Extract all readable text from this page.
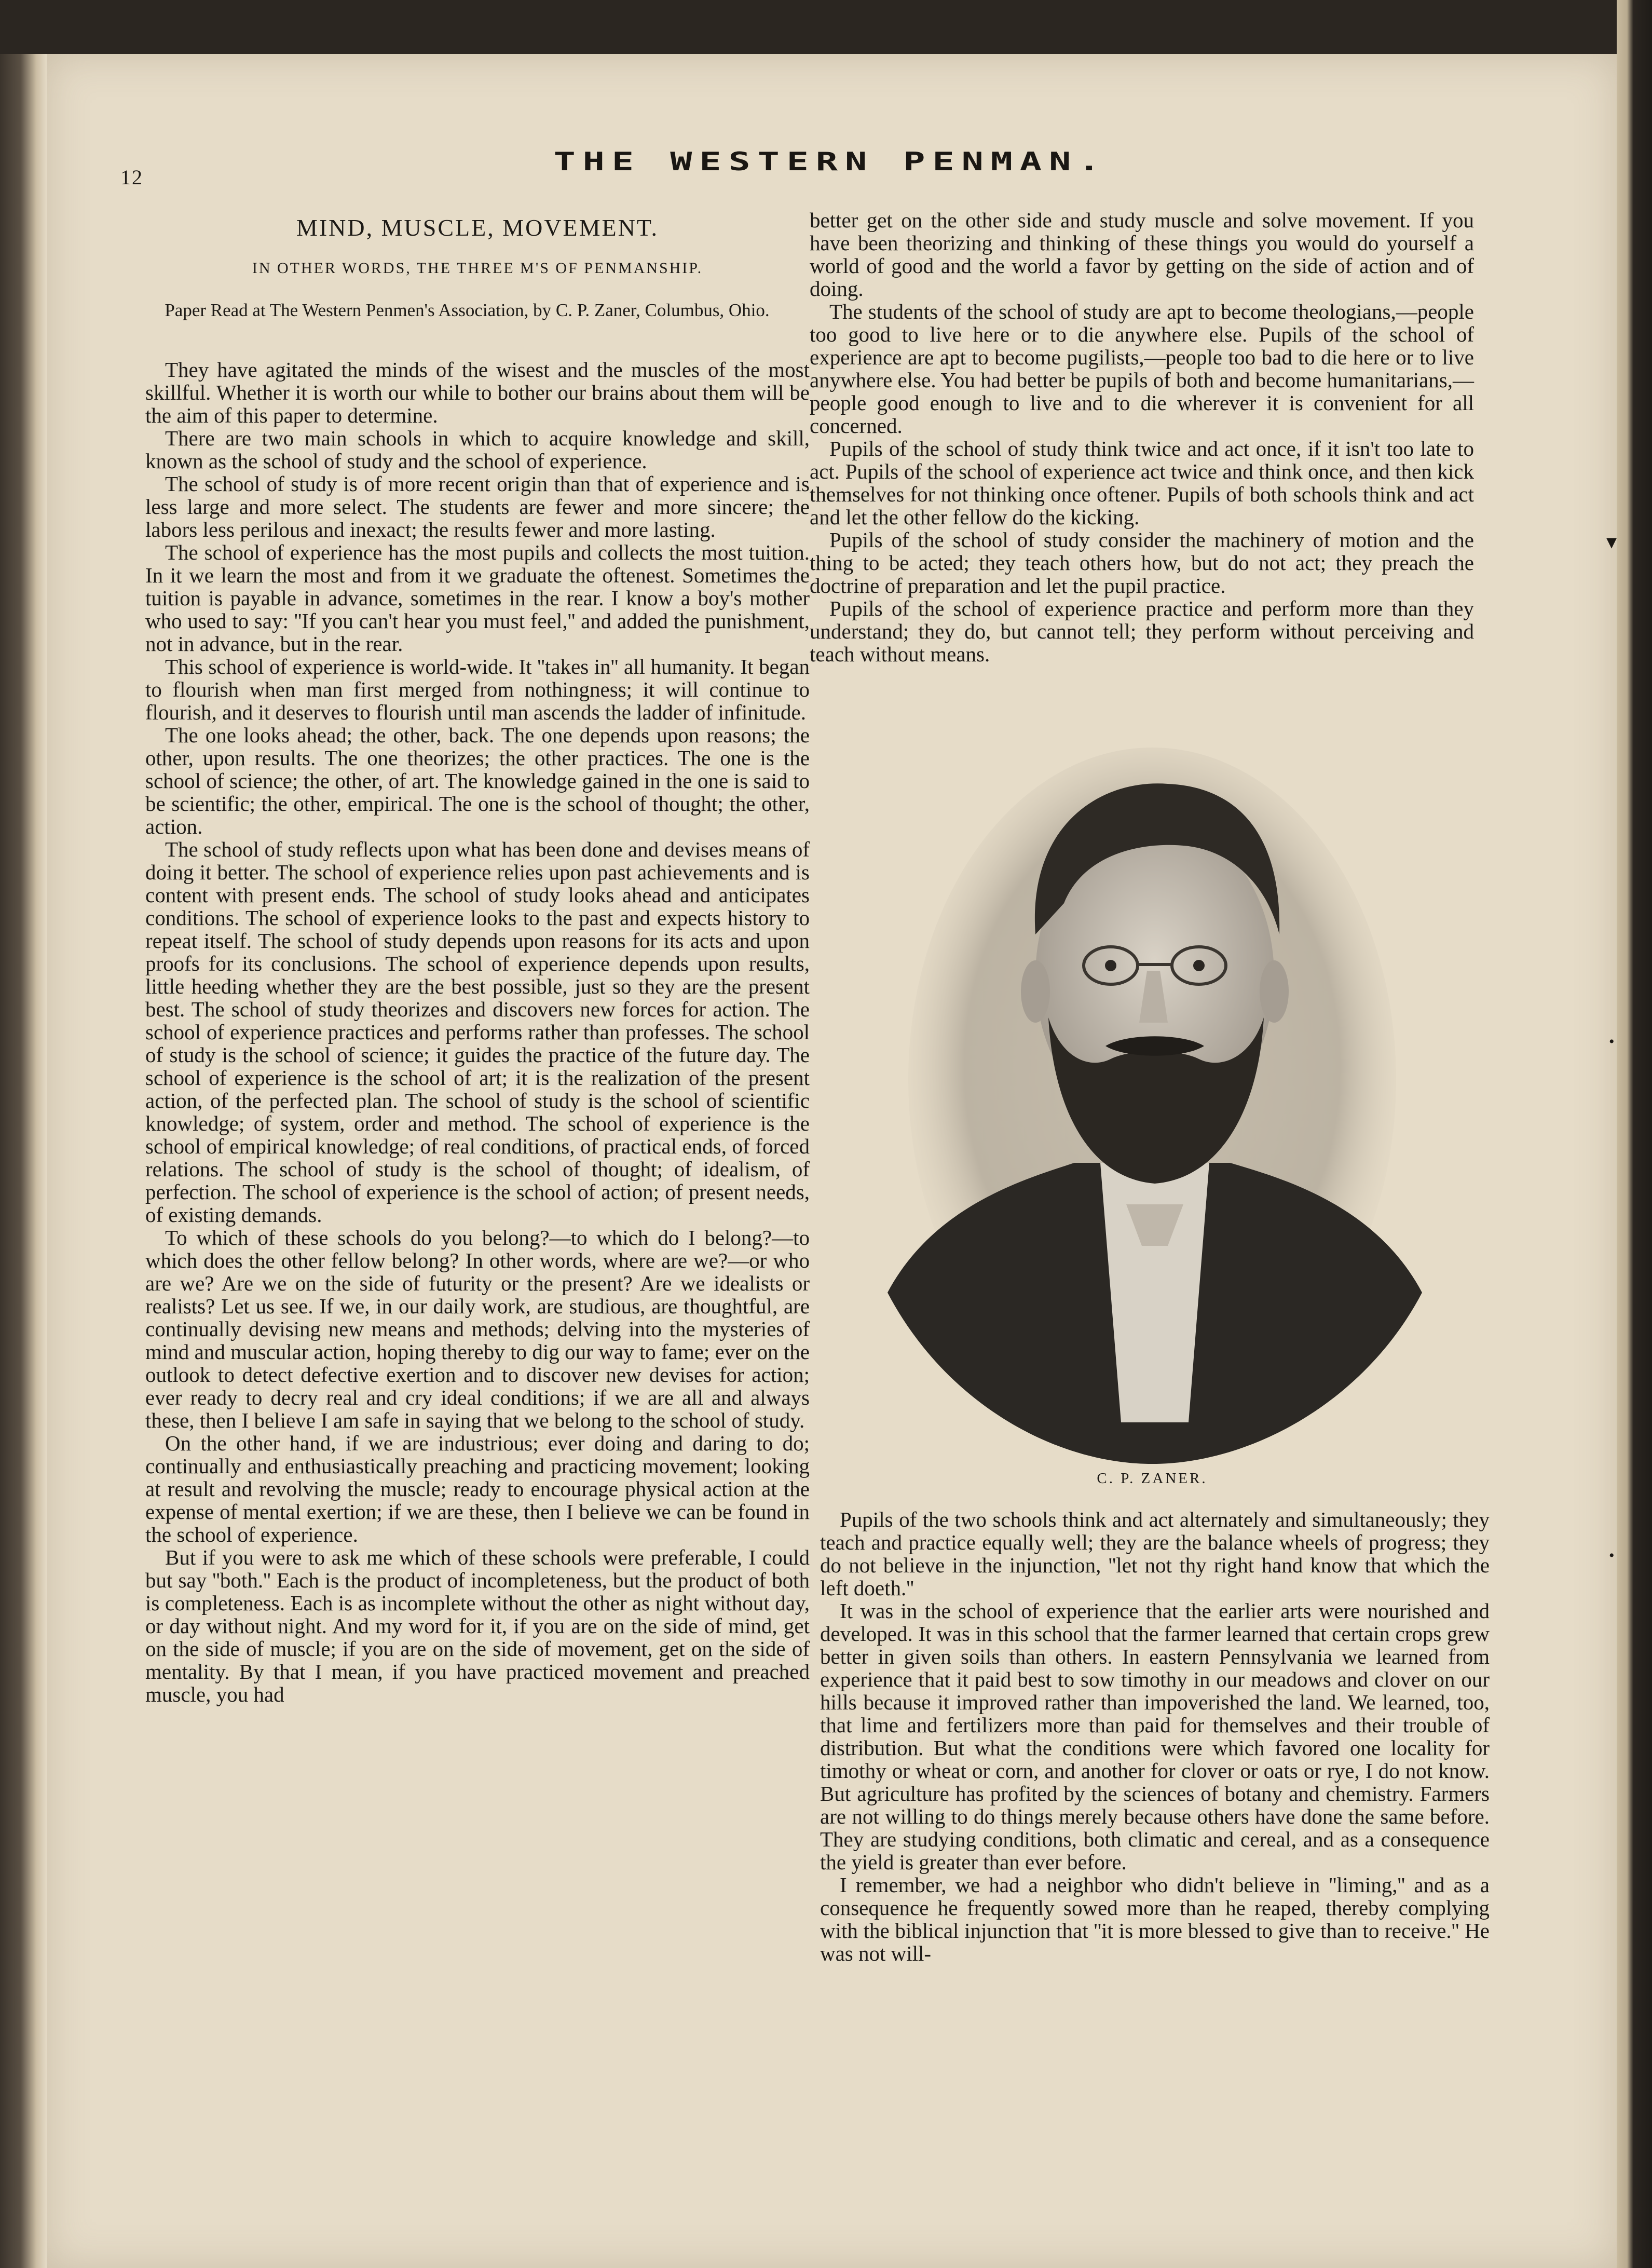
12
THE WESTERN PENMAN.
MIND, MUSCLE, MOVEMENT.
IN OTHER WORDS, THE THREE M'S OF PENMANSHIP.
Paper Read at The Western Penmen's Association, by C. P. Zaner, Columbus, Ohio.

They have agitated the minds of the wisest and the muscles of the most skillful. Whether it is worth our while to bother our brains about them will be the aim of this paper to determine.

There are two main schools in which to acquire knowledge and skill, known as the school of study and the school of experience.

The school of study is of more recent origin than that of experience and is less large and more select. The students are fewer and more sincere; the labors less perilous and inexact; the results fewer and more lasting.

The school of experience has the most pupils and collects the most tuition. In it we learn the most and from it we graduate the oftenest. Sometimes the tuition is payable in advance, sometimes in the rear. I know a boy's mother who used to say: ''If you can't hear you must feel,'' and added the punishment, not in advance, but in the rear.

This school of experience is world-wide. It ''takes in'' all humanity. It began to flourish when man first merged from nothingness; it will continue to flourish, and it deserves to flourish until man ascends the ladder of infinitude.

The one looks ahead; the other, back. The one depends upon reasons; the other, upon results. The one theorizes; the other practices. The one is the school of science; the other, of art. The knowledge gained in the one is said to be scientific; the other, empirical. The one is the school of thought; the other, action.

The school of study reflects upon what has been done and devises means of doing it better. The school of experience relies upon past achievements and is content with present ends. The school of study looks ahead and anticipates conditions. The school of experience looks to the past and expects history to repeat itself. The school of study depends upon reasons for its acts and upon proofs for its conclusions. The school of experience depends upon results, little heeding whether they are the best possible, just so they are the present best. The school of study theorizes and discovers new forces for action. The school of experience practices and performs rather than professes. The school of study is the school of science; it guides the practice of the future day. The school of experience is the school of art; it is the realization of the present action, of the perfected plan. The school of study is the school of scientific knowledge; of system, order and method. The school of experience is the school of empirical knowledge; of real conditions, of practical ends, of forced relations. The school of study is the school of thought; of idealism, of perfection. The school of experience is the school of action; of present needs, of existing demands.

To which of these schools do you belong?—to which do I belong?—to which does the other fellow belong? In other words, where are we?—or who are we? Are we on the side of futurity or the present? Are we idealists or realists? Let us see. If we, in our daily work, are studious, are thoughtful, are continually devising new means and methods; delving into the mysteries of mind and muscular action, hoping thereby to dig our way to fame; ever on the outlook to detect defective exertion and to discover new devises for action; ever ready to decry real and cry ideal conditions; if we are all and always these, then I believe I am safe in saying that we belong to the school of study.

On the other hand, if we are industrious; ever doing and daring to do; continually and enthusiastically preaching and practicing movement; looking at result and revolving the muscle; ready to encourage physical action at the expense of mental exertion; if we are these, then I believe we can be found in the school of experience.

But if you were to ask me which of these schools were preferable, I could but say ''both.'' Each is the product of incompleteness, but the product of both is completeness. Each is as incomplete without the other as night without day, or day without night. And my word for it, if you are on the side of mind, get on the side of muscle; if you are on the side of movement, get on the side of mentality. By that I mean, if you have practiced movement and preached muscle, you had

better get on the other side and study muscle and solve movement. If you have been theorizing and thinking of these things you would do yourself a world of good and the world a favor by getting on the side of action and of doing.

The students of the school of study are apt to become theologians,—people too good to live here or to die anywhere else. Pupils of the school of experience are apt to become pugilists,—people too bad to die here or to live anywhere else. You had better be pupils of both and become humanitarians,—people good enough to live and to die wherever it is convenient for all concerned.

Pupils of the school of study think twice and act once, if it isn't too late to act. Pupils of the school of experience act twice and think once, and then kick themselves for not thinking once oftener. Pupils of both schools think and act and let the other fellow do the kicking.

Pupils of the school of study consider the machinery of motion and the thing to be acted; they teach others how, but do not act; they preach the doctrine of preparation and let the pupil practice.

Pupils of the school of experience practice and perform more than they understand; they do, but cannot tell; they perform without perceiving and teach without means.

C. P. ZANER.

Pupils of the two schools think and act alternately and simultaneously; they teach and practice equally well; they are the balance wheels of progress; they do not believe in the injunction, ''let not thy right hand know that which the left doeth.''

It was in the school of experience that the earlier arts were nourished and developed. It was in this school that the farmer learned that certain crops grew better in given soils than others. In eastern Pennsylvania we learned from experience that it paid best to sow timothy in our meadows and clover on our hills because it improved rather than impoverished the land. We learned, too, that lime and fertilizers more than paid for themselves and their trouble of distribution. But what the conditions were which favored one locality for timothy or wheat or corn, and another for clover or oats or rye, I do not know. But agriculture has profited by the sciences of botany and chemistry. Farmers are not willing to do things merely because others have done the same before. They are studying conditions, both climatic and cereal, and as a consequence the yield is greater than ever before.

I remember, we had a neighbor who didn't believe in ''liming,'' and as a consequence he frequently sowed more than he reaped, thereby complying with the biblical injunction that ''it is more blessed to give than to receive.'' He was not will-

▾
•
•
